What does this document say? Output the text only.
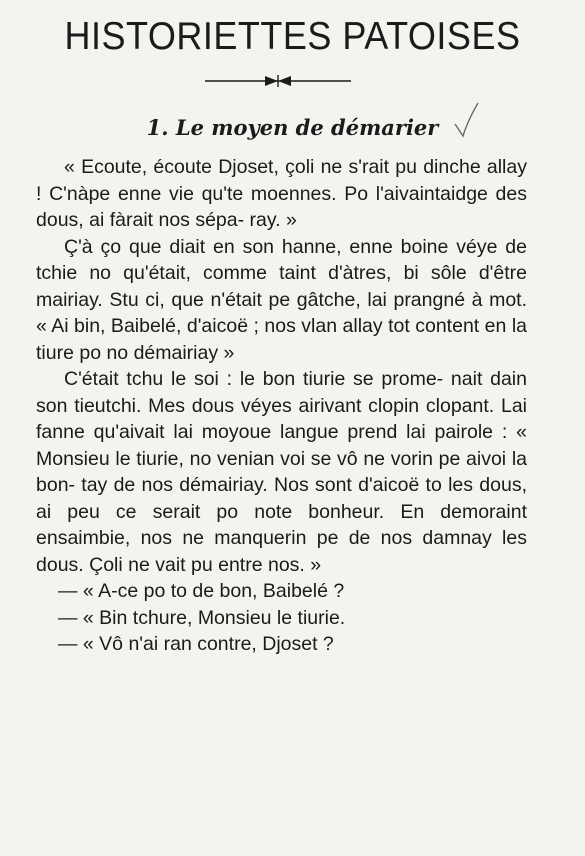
HISTORIETTES PATOISES
1. Le moyen de démarier

« Ecoute, écoute Djoset, çoli ne s'rait pu dinche allay ! C'nàpe enne vie qu'te moennes. Po l'aivaintaidge des dous, ai fàrait nos sépa- ray. »

Ç'à ço que diait en son hanne, enne boine véye de tchie no qu'était, comme taint d'àtres, bi sôle d'être mairiay. Stu ci, que n'était pe gâtche, lai prangné à mot. « Ai bin, Baibelé, d'aicoë ; nos vlan allay tot content en la tiure po no démairiay »

C'était tchu le soi : le bon tiurie se prome- nait dain son tieutchi. Mes dous véyes airivant clopin clopant. Lai fanne qu'aivait lai moyoue langue prend lai pairole : « Monsieu le tiurie, no venian voi se vô ne vorin pe aivoi la bon- tay de nos démairiay. Nos sont d'aicoë to les dous, ai peu ce serait po note bonheur. En demoraint ensaimbie, nos ne manquerin pe de nos damnay les dous. Çoli ne vait pu entre nos. »

— « A-ce po to de bon, Baibelé ?

— « Bin tchure, Monsieu le tiurie.

— « Vô n'ai ran contre, Djoset ?
